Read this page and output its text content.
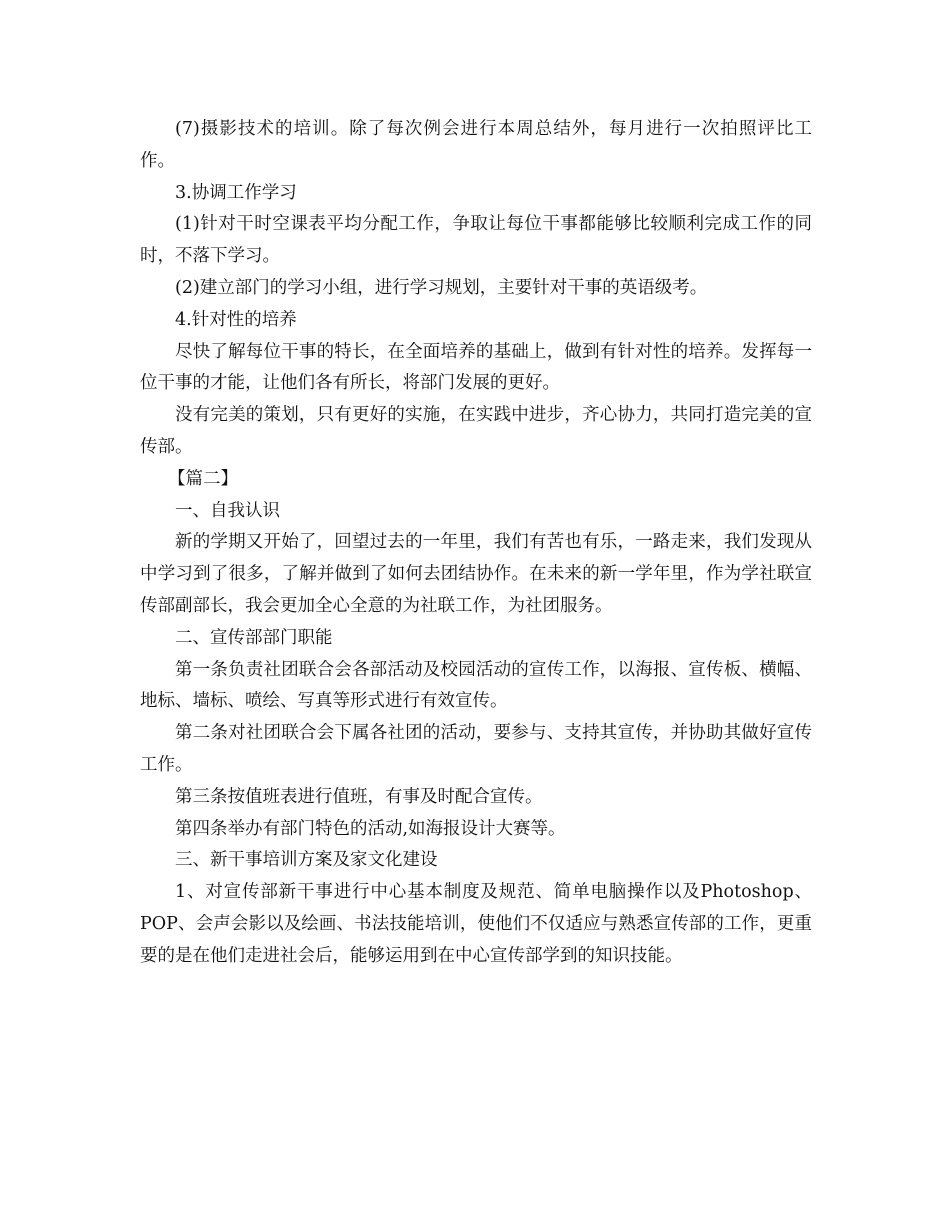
(7)摄影技术的培训。除了每次例会进行本周总结外，每月进行一次拍照评比工作。

3.协调工作学习

(1)针对干时空课表平均分配工作，争取让每位干事都能够比较顺利完成工作的同时，不落下学习。

(2)建立部门的学习小组，进行学习规划，主要针对干事的英语级考。

4.针对性的培养

尽快了解每位干事的特长，在全面培养的基础上，做到有针对性的培养。发挥每一位干事的才能，让他们各有所长，将部门发展的更好。

没有完美的策划，只有更好的实施，在实践中进步，齐心协力，共同打造完美的宣传部。

【篇二】

一、自我认识

新的学期又开始了，回望过去的一年里，我们有苦也有乐，一路走来，我们发现从中学习到了很多，了解并做到了如何去团结协作。在未来的新一学年里，作为学社联宣传部副部长，我会更加全心全意的为社联工作，为社团服务。

二、宣传部部门职能

第一条负责社团联合会各部活动及校园活动的宣传工作，以海报、宣传板、横幅、地标、墙标、喷绘、写真等形式进行有效宣传。

第二条对社团联合会下属各社团的活动，要参与、支持其宣传，并协助其做好宣传工作。

第三条按值班表进行值班，有事及时配合宣传。

第四条举办有部门特色的活动,如海报设计大赛等。

三、新干事培训方案及家文化建设

1、对宣传部新干事进行中心基本制度及规范、简单电脑操作以及Photoshop、POP、会声会影以及绘画、书法技能培训，使他们不仅适应与熟悉宣传部的工作，更重要的是在他们走进社会后，能够运用到在中心宣传部学到的知识技能。
